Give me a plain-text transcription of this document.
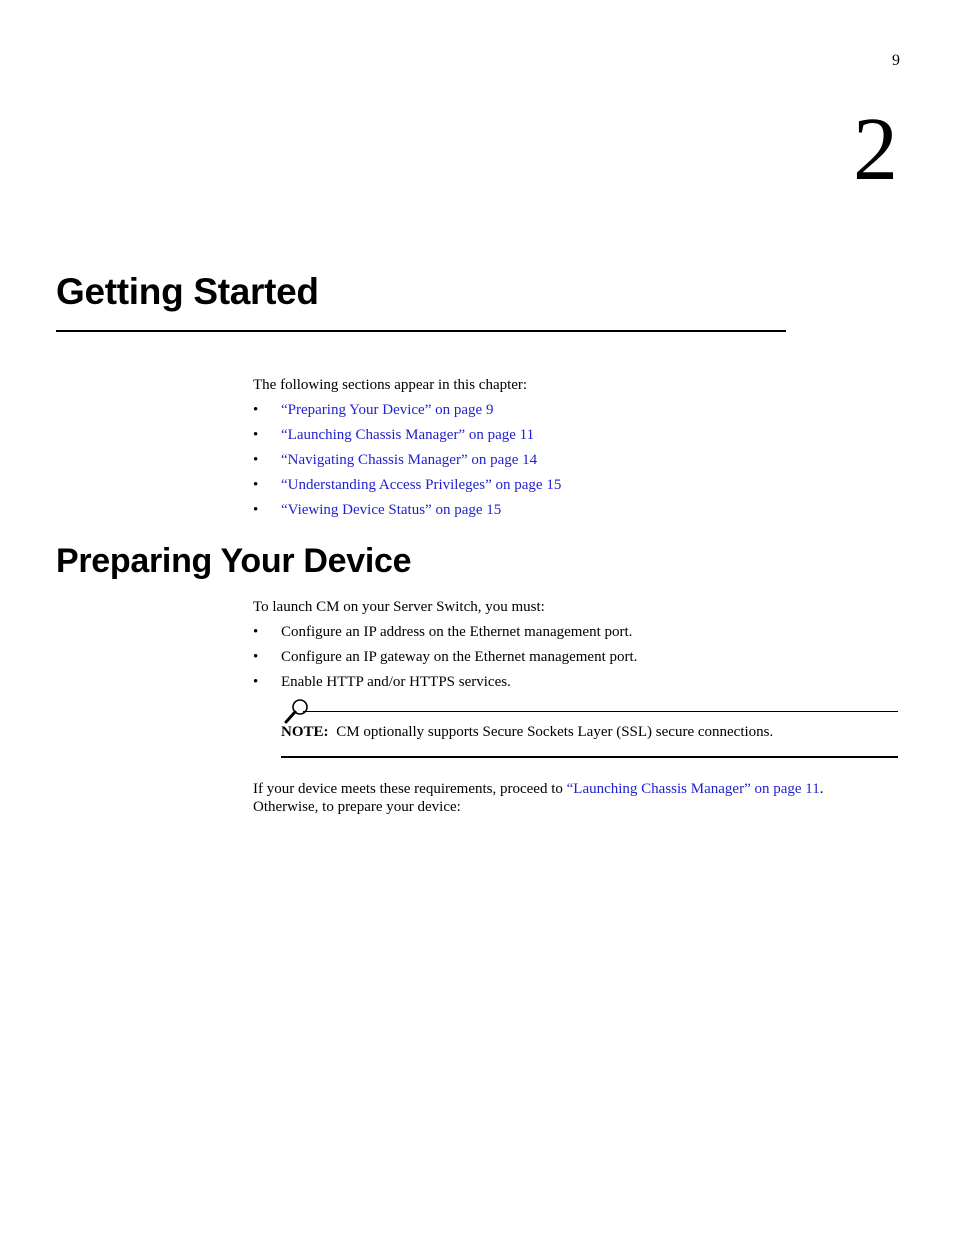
9
2
Getting Started
The following sections appear in this chapter:
• “Preparing Your Device” on page 9
• “Launching Chassis Manager” on page 11
• “Navigating Chassis Manager” on page 14
• “Understanding Access Privileges” on page 15
• “Viewing Device Status” on page 15
Preparing Your Device
To launch CM on your Server Switch, you must:
• Configure an IP address on the Ethernet management port.
• Configure an IP gateway on the Ethernet management port.
• Enable HTTP and/or HTTPS services.
NOTE: CM optionally supports Secure Sockets Layer (SSL) secure connections.
If your device meets these requirements, proceed to “Launching Chassis Manager” on page 11.
Otherwise, to prepare your device:
